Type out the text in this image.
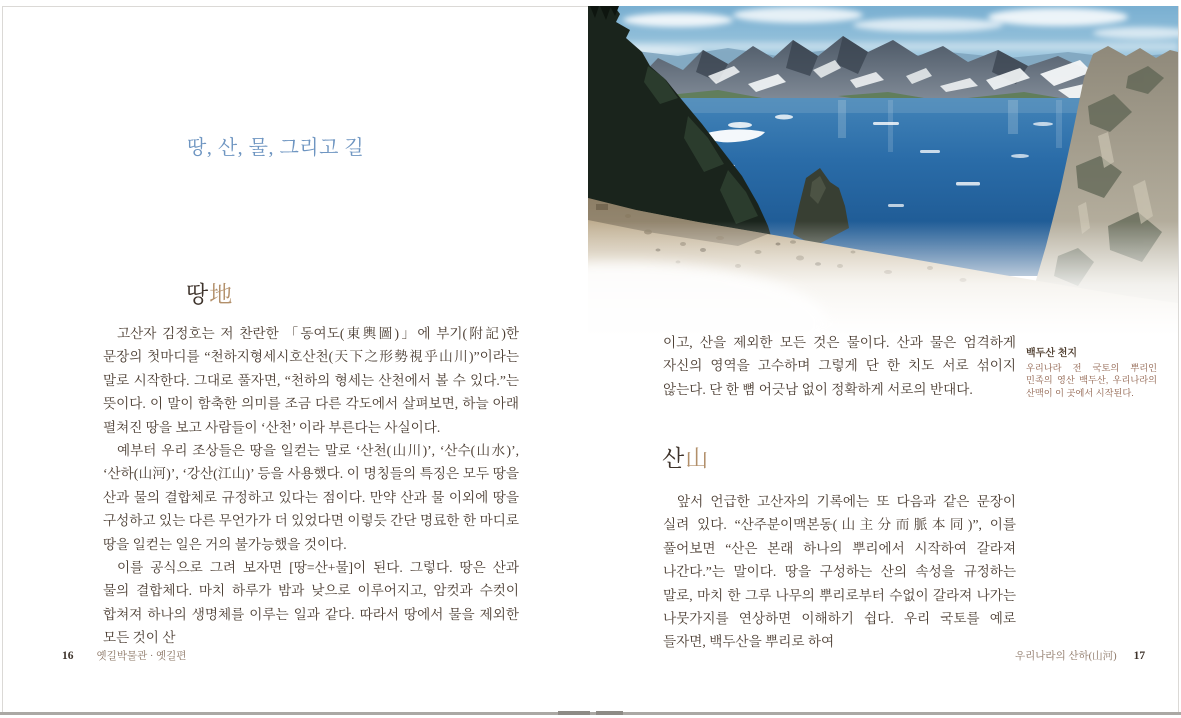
땅, 산, 물, 그리고 길
땅地

고산자 김정호는 저 찬란한 「동여도(東輿圖)」에 부기(附記)한 문장의 첫마디를 “천하지형세시호산천(天下之形勢視乎山川)”이라는 말로 시작한다. 그대로 풀자면, “천하의 형세는 산천에서 볼 수 있다.”는 뜻이다. 이 말이 함축한 의미를 조금 다른 각도에서 살펴보면, 하늘 아래 펼쳐진 땅을 보고 사람들이 ‘산천’ 이라 부른다는 사실이다.

예부터 우리 조상들은 땅을 일컫는 말로 ‘산천(山川)’, ‘산수(山水)’, ‘산하(山河)’, ‘강산(江山)’ 등을 사용했다. 이 명칭들의 특징은 모두 땅을 산과 물의 결합체로 규정하고 있다는 점이다. 만약 산과 물 이외에 땅을 구성하고 있는 다른 무언가가 더 있었다면 이렇듯 간단 명료한 한 마디로 땅을 일컫는 일은 거의 불가능했을 것이다.

이를 공식으로 그려 보자면 [땅=산+물]이 된다. 그렇다. 땅은 산과 물의 결합체다. 마치 하루가 밤과 낮으로 이루어지고, 암컷과 수컷이 합쳐져 하나의 생명체를 이루는 일과 같다. 따라서 땅에서 물을 제외한 모든 것이 산

16 옛길박물관 · 옛길편

이고, 산을 제외한 모든 것은 물이다. 산과 물은 엄격하게 자신의 영역을 고수하며 그렇게 단 한 치도 서로 섞이지 않는다. 단 한 뼘 어긋남 없이 정확하게 서로의 반대다.

백두산 천지

우리나라 전 국토의 뿌리인 민족의 영산 백두산, 우리나라의 산맥이 이 곳에서 시작된다.

산山

앞서 언급한 고산자의 기록에는 또 다음과 같은 문장이 실려 있다. “산주분이맥본동(山主分而脈本同)”, 이를 풀어보면 “산은 본래 하나의 뿌리에서 시작하여 갈라져 나간다.”는 말이다. 땅을 구성하는 산의 속성을 규정하는 말로, 마치 한 그루 나무의 뿌리로부터 수없이 갈라져 나가는 나뭇가지를 연상하면 이해하기 쉽다. 우리 국토를 예로 들자면, 백두산을 뿌리로 하여

우리나라의 산하(山河) 17
